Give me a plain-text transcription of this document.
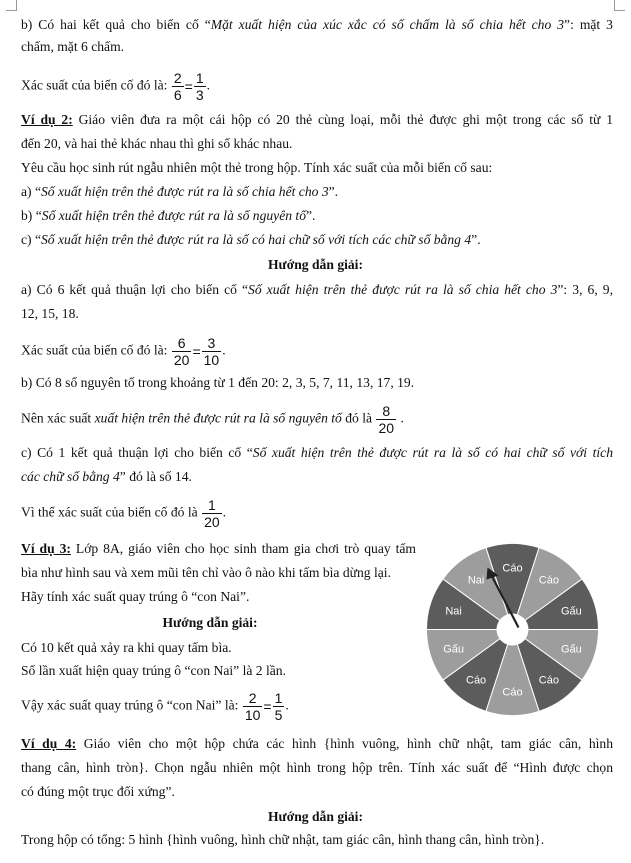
b) Có hai kết quả cho biến cố “Mặt xuất hiện của xúc xắc có số chấm là số chia hết cho 3”: mặt 3
chấm, mặt 6 chấm.
Xác suất của biến cố đó là: $\frac{2}{6} = \frac{1}{3}$ .
Ví dụ 2: Giáo viên đưa ra một cái hộp có 20 thẻ cùng loại, mỗi thẻ được ghi một trong các số từ 1
đến 20, và hai thẻ khác nhau thì ghi số khác nhau.
Yêu cầu học sinh rút ngẫu nhiên một thẻ trong hộp. Tính xác suất của mỗi biến cố sau:
a) “Số xuất hiện trên thẻ được rút ra là số chia hết cho 3”.
b) “Số xuất hiện trên thẻ được rút ra là số nguyên tố”.
c) “Số xuất hiện trên thẻ được rút ra là số có hai chữ số với tích các chữ số bằng 4”.
Hướng dẫn giải:
a) Có 6 kết quả thuận lợi cho biến cố “Số xuất hiện trên thẻ được rút ra là số chia hết cho 3”: 3, 6, 9,
12, 15, 18.
Xác suất của biến cố đó là: $\frac{6}{20} = \frac{3}{10}$ .
b) Có 8 số nguyên tố trong khoảng từ 1 đến 20: 2, 3, 5, 7, 11, 13, 17, 19.
Nên xác suất xuất hiện trên thẻ được rút ra là số nguyên tố đó là $\frac{8}{20}$ .
c) Có 1 kết quả thuận lợi cho biến cố “Số xuất hiện trên thẻ được rút ra là số có hai chữ số với tích
các chữ số bằng 4” đó là số 14.
Vì thế xác suất của biến cố đó là $\frac{1}{20}$ .
Ví dụ 3: Lớp 8A, giáo viên cho học sinh tham gia chơi trò quay tấm
bìa như hình sau và xem mũi tên chỉ vào ô nào khi tấm bìa dừng lại.
Hãy tính xác suất quay trúng ô “con Nai”.
Hướng dẫn giải:
Có 10 kết quả xảy ra khi quay tấm bìa.
Số lần xuất hiện quay trúng ô “con Nai” là 2 lần.
Vậy xác suất quay trúng ô “con Nai” là: $\frac{2}{10} = \frac{1}{5}$ .
Ví dụ 4: Giáo viên cho một hộp chứa các hình {hình vuông, hình chữ nhật, tam giác cân, hình
thang cân, hình tròn}. Chọn ngẫu nhiên một hình trong hộp trên. Tính xác suất để “Hình được chọn
có đúng một trục đối xứng”.
Hướng dẫn giải:
Trong hộp có tổng: 5 hình {hình vuông, hình chữ nhật, tam giác cân, hình thang cân, hình tròn}.
Cáo
Cáo
Gấu
Gấu
Cáo
Cáo
Cáo
Gấu
Nai
Nai
